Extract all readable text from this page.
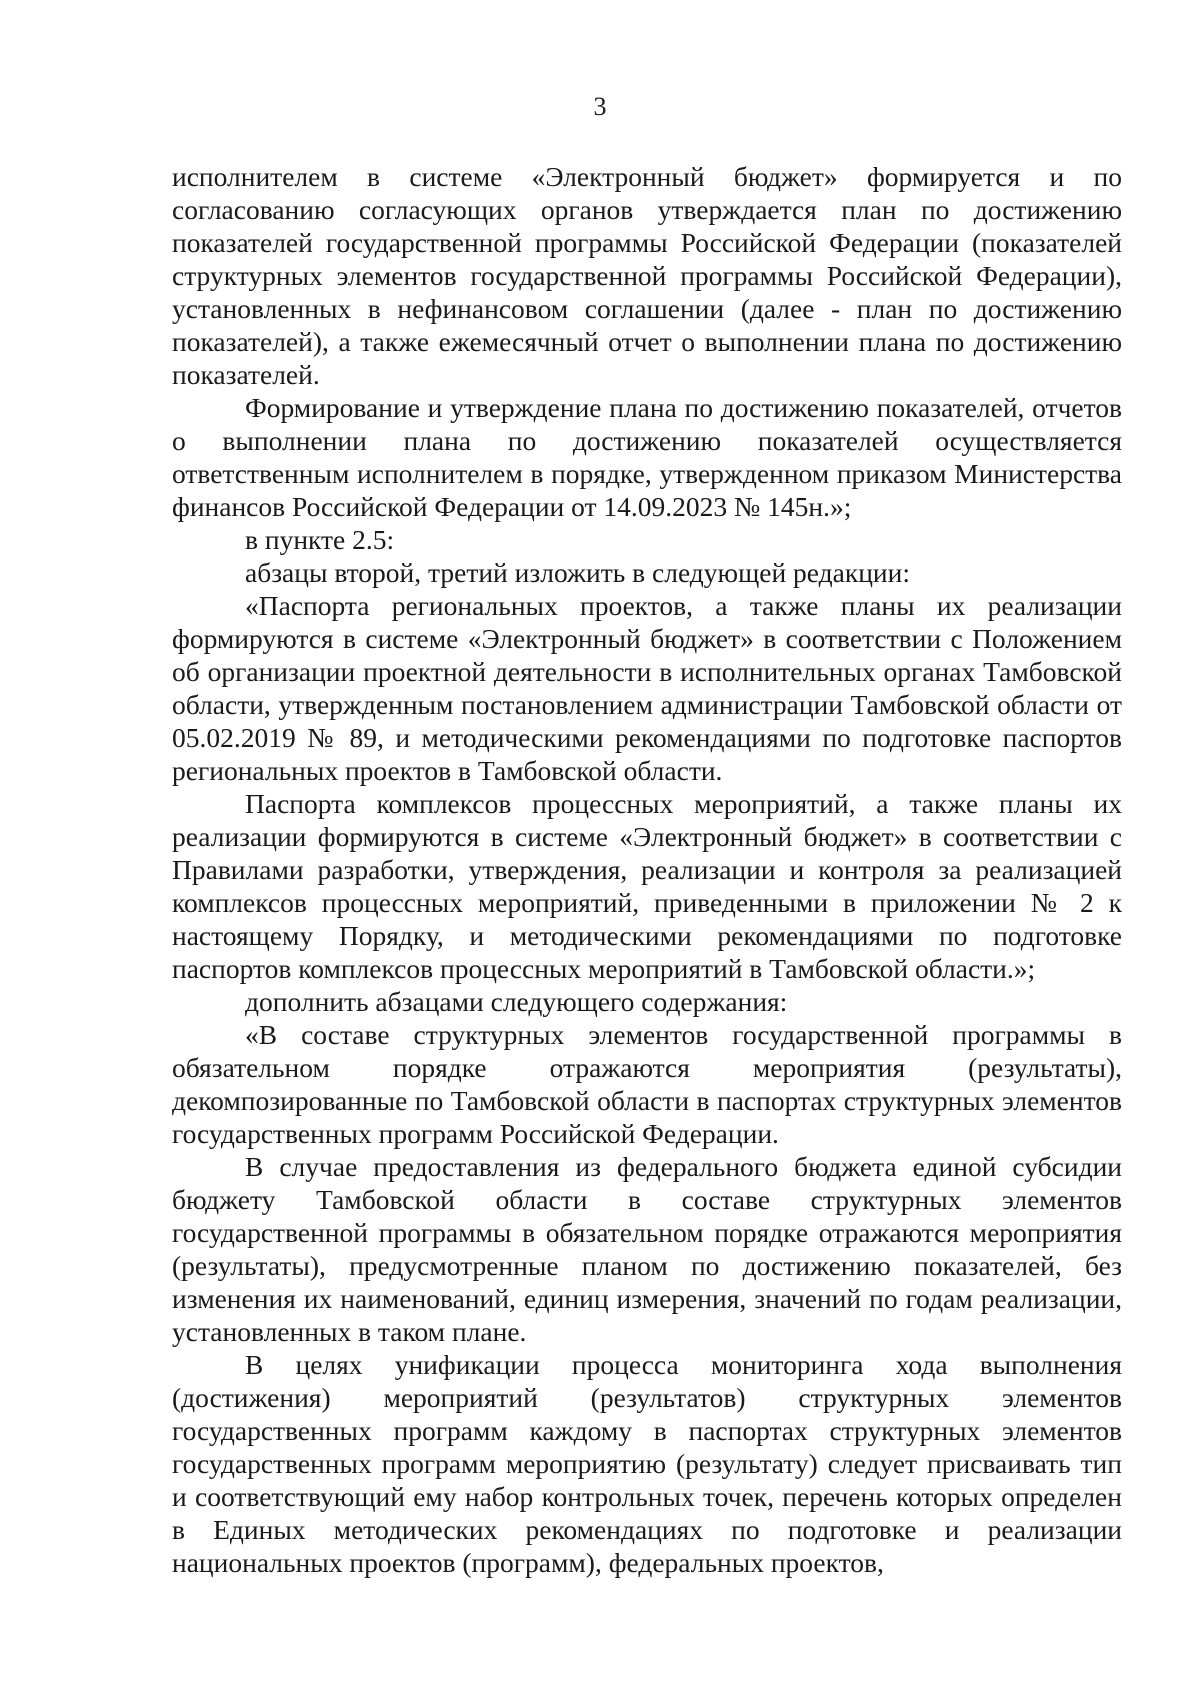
3

исполнителем в системе «Электронный бюджет» формируется и по согласованию согласующих органов утверждается план по достижению показателей государственной программы Российской Федерации (показателей структурных элементов государственной программы Российской Федерации), установленных в нефинансовом соглашении (далее - план по достижению показателей), а также ежемесячный отчет о выполнении плана по достижению показателей.

Формирование и утверждение плана по достижению показателей, отчетов о выполнении плана по достижению показателей осуществляется ответственным исполнителем в порядке, утвержденном приказом Министерства финансов Российской Федерации от 14.09.2023 № 145н.»;

в пункте 2.5:

абзацы второй, третий изложить в следующей редакции:

«Паспорта региональных проектов, а также планы их реализации формируются в системе «Электронный бюджет» в соответствии с Положением об организации проектной деятельности в исполнительных органах Тамбовской области, утвержденным постановлением администрации Тамбовской области от 05.02.2019 № 89, и методическими рекомендациями по подготовке паспортов региональных проектов в Тамбовской области.

Паспорта комплексов процессных мероприятий, а также планы их реализации формируются в системе «Электронный бюджет» в соответствии с Правилами разработки, утверждения, реализации и контроля за реализацией комплексов процессных мероприятий, приведенными в приложении № 2 к настоящему Порядку, и методическими рекомендациями по подготовке паспортов комплексов процессных мероприятий в Тамбовской области.»;

дополнить абзацами следующего содержания:

«В составе структурных элементов государственной программы в обязательном порядке отражаются мероприятия (результаты), декомпозированные по Тамбовской области в паспортах структурных элементов государственных программ Российской Федерации.

В случае предоставления из федерального бюджета единой субсидии бюджету Тамбовской области в составе структурных элементов государственной программы в обязательном порядке отражаются мероприятия (результаты), предусмотренные планом по достижению показателей, без изменения их наименований, единиц измерения, значений по годам реализации, установленных в таком плане.

В целях унификации процесса мониторинга хода выполнения (достижения) мероприятий (результатов) структурных элементов государственных программ каждому в паспортах структурных элементов государственных программ мероприятию (результату) следует присваивать тип и соответствующий ему набор контрольных точек, перечень которых определен в Единых методических рекомендациях по подготовке и реализации национальных проектов (программ), федеральных проектов,
